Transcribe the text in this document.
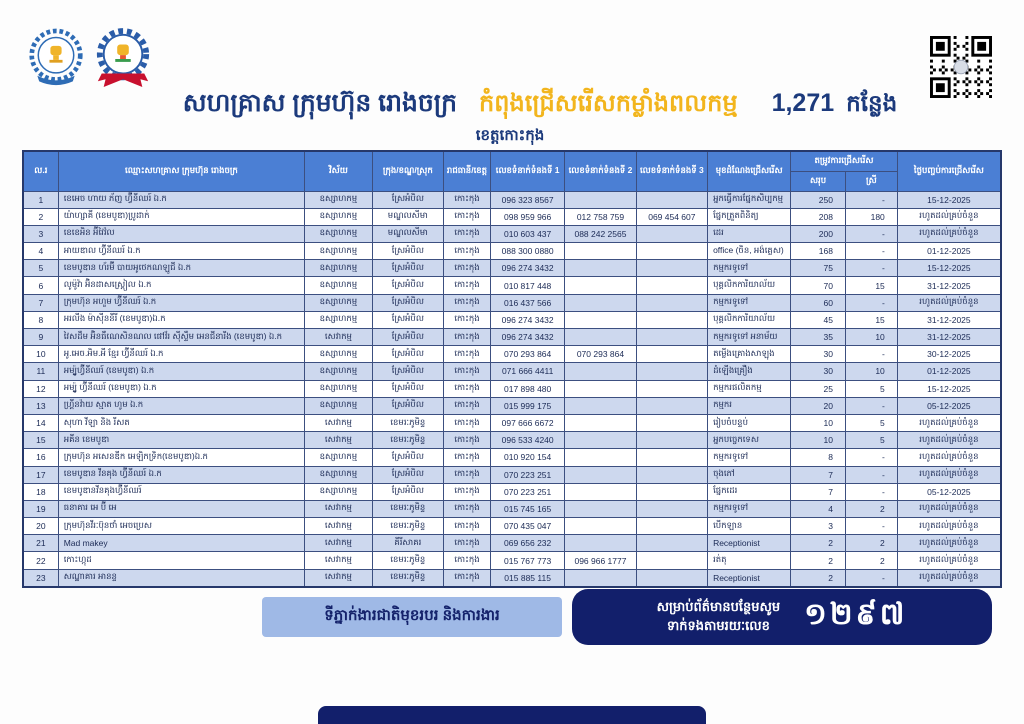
សហគ្រាស ក្រុមហ៊ុន រោងចក្រ កំពុងជ្រើសរើសកម្លាំងពលកម្ម 1,271 កន្លែង
ខេត្តកោះកុង
ល.រ	ឈ្មោះសហគ្រាស ក្រុមហ៊ុន រោងចក្រ	វិស័យ	ក្រុង/ខណ្ឌ/ស្រុក	រាជធានី/ខេត្ត	លេខទំនាក់ទំនងទី 1	លេខទំនាក់ទំនងទី 2	លេខទំនាក់ទំនងទី 3	មុខដំណែងជ្រើសរើស	តម្រូវការជ្រើសរើស		ថ្ងៃបញ្ចប់ការជ្រើសរើស
									សរុប	ស្រី	
1	ខេអេច ហាយ ភ័ញ ហ្វ៊ីនីឈរ៍ ឯ.ក	ឧស្សាហកម្ម	ស្រែអំបិល	កោះកុង	096 323 8567			អ្នកធ្វើការផ្នែកសិប្បកម្ម	250	-	15-12-2025
2	យ៉ាហ្សាគី (ខេមបូឌា)ប្រូដាក់	ឧស្សាហកម្ម	មណ្ឌលសីមា	កោះកុង	098 959 966	012 758 759	069 454 607	ផ្នែកត្រួតពិនិត្យ	208	180	រហូតដល់គ្រប់ចំនួន
3	ខេខេអិន អ៊ីវៃវ៉ល	ឧស្សាហកម្ម	មណ្ឌលសីមា	កោះកុង	010 603 437	088 242 2565		ដេរ	200	-	រហូតដល់គ្រប់ចំនួន
4	អាយឌាល ហ្វ៊ីនីឈរ៍ ឯ.ក	ឧស្សាហកម្ម	ស្រែអំបិល	កោះកុង	088 300 0880			office (ចិន, អង់គ្លេស)	168	-	01-12-2025
5	ខេមបូឌាន ហ័រម៊ី បាយអូថេកណឡូជី ឯ.ក	ឧស្សាហកម្ម	ស្រែអំបិល	កោះកុង	096 274 3432			កម្មករទូទៅ	75	-	15-12-2025
6	លូម៉ូវ៉ា អ៊ិនដាសស្ត្រៀល ឯ.ក	ឧស្សាហកម្ម	ស្រែអំបិល	កោះកុង	010 817 448			បុគ្គលិកការិយាល័យ	70	15	31-12-2025
7	ក្រុមហ៊ុន អហួម ហ្វ៊ីនីឈរ៍ ឯ.ក	ឧស្សាហកម្ម	ស្រែអំបិល	កោះកុង	016 437 566			កម្មករទូទៅ	60	-	រហូតដល់គ្រប់ចំនួន
8	អរលីង ម៉ាស៊ីននីរី (ខេមបូឌា)ឯ.ក	ឧស្សាហកម្ម	ស្រែអំបិល	កោះកុង	096 274 3432			បុគ្គលិកការិយាល័យ	45	15	31-12-2025
9	វៃសដឹម អ៊ិនធឺណេសិនណល ផៅវ័រ ស៊ីស្ទឹម អេនជីនារីង (ខេមបូឌា) ឯ.ក	សេវាកម្ម	ស្រែអំបិល	កោះកុង	096 274 3432			កម្មករទូទៅ អនាម័យ	35	10	31-12-2025
10	អូ.អេច.អិម.អី ខ្មែរ ហ្វ៊ីនីឈរ៍ ឯ.ក	ឧស្សាហកម្ម	ស្រែអំបិល	កោះកុង	070 293 864	070 293 864		តម្លើងគ្រោងសាឡុង	30	-	30-12-2025
11	អម្ប៉ូហ្វ៊ីនីឈរ៍ (ខេមបូឌា) ឯ.ក	ឧស្សាហកម្ម	ស្រែអំបិល	កោះកុង	071 666 4411			ដំឡើងគ្រឿង	30	10	01-12-2025
12	អម្ប៉ូ ហ្វ៊ីនីឈរ៍ (ខេមបូឌា) ឯ.ក	ឧស្សាហកម្ម	ស្រែអំបិល	កោះកុង	017 898 480			កម្មករផលិតកម្ម	25	5	15-12-2025
13	ហ្គ្រីនវ៉ាយ ស្មាត ហូម ឯ.ក	ឧស្សាហកម្ម	ស្រែអំបិល	កោះកុង	015 999 175			កម្មករ	20	-	05-12-2025
14	សុហា វីឡា និង រីសត	សេវាកម្ម	ខេមរៈភូមិន្ទ	កោះកុង	097 666 6672			រៀបចំបន្ទប់	10	5	រហូតដល់គ្រប់ចំនួន
15	អគីន ខេមបូឌា	សេវាកម្ម	ខេមរៈភូមិន្ទ	កោះកុង	096 533 4240			អ្នកបច្ចេកទេស	10	5	រហូតដល់គ្រប់ចំនួន
16	ក្រុមហ៊ុន អសេនឌីក អេឡិកទ្រិក(ខេមបូឌា)ឯ.ក	ឧស្សាហកម្ម	ស្រែអំបិល	កោះកុង	010 920 154			កម្មករទូទៅ	8	-	រហូតដល់គ្រប់ចំនួន
17	ខេមបូឌាន វីនគុង ហ្វ៊ីនីឈរ៍ ឯ.ក	ឧស្សាហកម្ម	ស្រែអំបិល	កោះកុង	070 223 251			ចុងភៅ	7	-	រហូតដល់គ្រប់ចំនួន
18	ខេមបូឌានវីនគុងហ្វ៊ីនីឈរ៍	ឧស្សាហកម្ម	ស្រែអំបិល	កោះកុង	070 223 251			ផ្នែកដេរ	7	-	05-12-2025
19	ធនាគារ អេ ប៊ី អេ	សេវាកម្ម	ខេមរៈភូមិន្ទ	កោះកុង	015 745 165			កម្មករទូទៅ	4	2	រហូតដល់គ្រប់ចំនួន
20	ក្រុមហ៊ុនវីរៈប៊ុនថាំ អេចប្រេស	សេវាកម្ម	ខេមរៈភូមិន្ទ	កោះកុង	070 435 047			បើកឡាន	3	-	រហូតដល់គ្រប់ចំនួន
21	Mad makey	សេវាកម្ម	គីរីសាគរ	កោះកុង	069 656 232			Receptionist	2	2	រហូតដល់គ្រប់ចំនួន
22	កោះហ្កុដ	សេវាកម្ម	ខេមរៈភូមិន្ទ	កោះកុង	015 767 773	096 966 1777		រត់តុ	2	2	រហូតដល់គ្រប់ចំនួន
23	សណ្ឋាគារ អានន្ទ	សេវាកម្ម	ខេមរៈភូមិន្ទ	កោះកុង	015 885 115			Receptionist	2	-	រហូតដល់គ្រប់ចំនួន
ទីភ្នាក់ងារជាតិមុខរបរ និងការងារ
សម្រាប់ព័ត៌មានបន្ថែមសូម
ទាក់ទងតាមរយៈលេខ	១២៩៧
